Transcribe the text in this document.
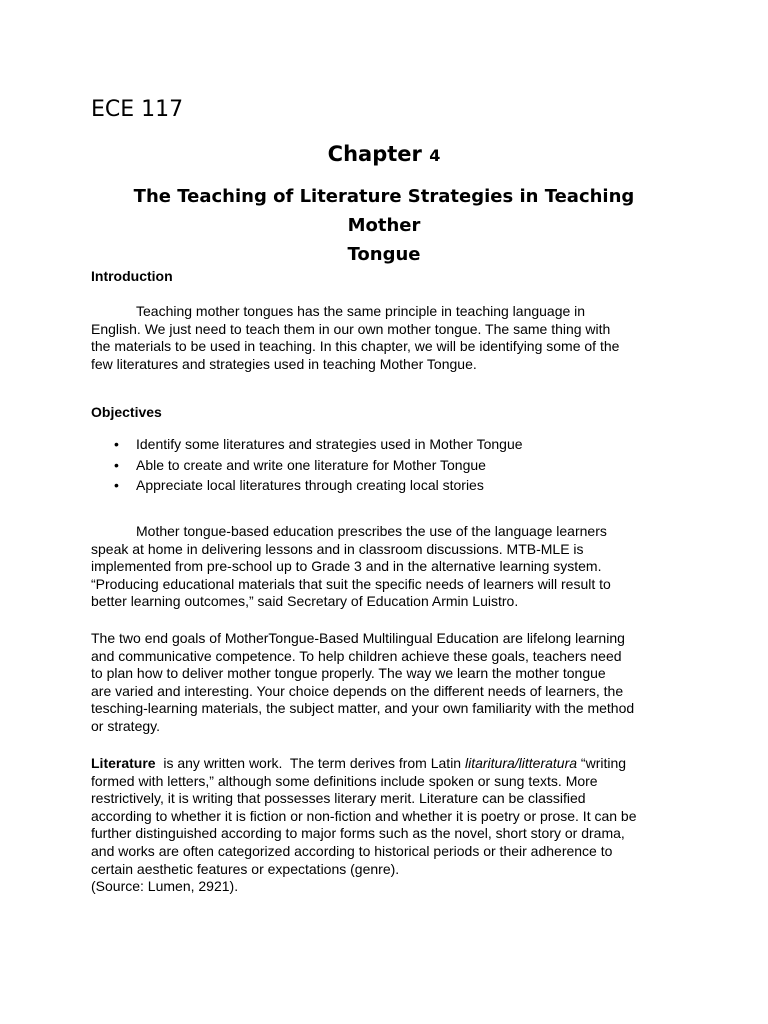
ECE 117
Chapter 4
The Teaching of Literature Strategies in Teaching Mother
Tongue
Introduction

Teaching mother tongues has the same principle in teaching language in
English. We just need to teach them in our own mother tongue. The same thing with
the materials to be used in teaching. In this chapter, we will be identifying some of the
few literatures and strategies used in teaching Mother Tongue.

Objectives
• Identify some literatures and strategies used in Mother Tongue
• Able to create and write one literature for Mother Tongue
• Appreciate local literatures through creating local stories

Mother tongue-based education prescribes the use of the language learners
speak at home in delivering lessons and in classroom discussions. MTB-MLE is
implemented from pre-school up to Grade 3 and in the alternative learning system.
“Producing educational materials that suit the specific needs of learners will result to
better learning outcomes,” said Secretary of Education Armin Luistro.

The two end goals of MotherTongue-Based Multilingual Education are lifelong learning
and communicative competence. To help children achieve these goals, teachers need
to plan how to deliver mother tongue properly. The way we learn the mother tongue
are varied and interesting. Your choice depends on the different needs of learners, the
tesching-learning materials, the subject matter, and your own familiarity with the method
or strategy.

Literature  is any written work.  The term derives from Latin litaritura/litteratura “writing
formed with letters,” although some definitions include spoken or sung texts. More
restrictively, it is writing that possesses literary merit. Literature can be classified
according to whether it is fiction or non-fiction and whether it is poetry or prose. It can be
further distinguished according to major forms such as the novel, short story or drama,
and works are often categorized according to historical periods or their adherence to
certain aesthetic features or expectations (genre).
(Source: Lumen, 2921).
